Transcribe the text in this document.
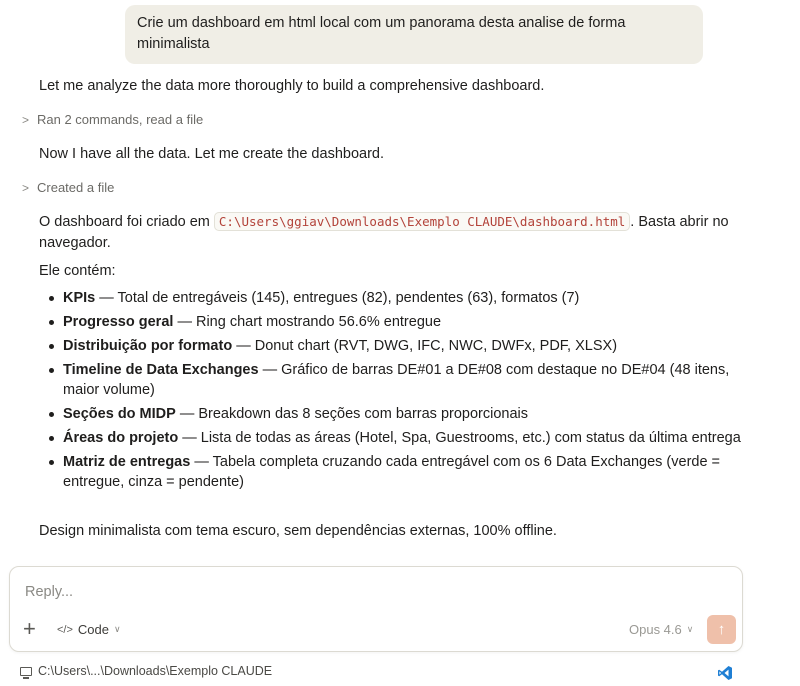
Crie um dashboard em html local com um panorama desta analise de forma minimalista
Let me analyze the data more thoroughly to build a comprehensive dashboard.
> Ran 2 commands, read a file
Now I have all the data. Let me create the dashboard.
> Created a file
O dashboard foi criado em C:\Users\ggiav\Downloads\Exemplo CLAUDE\dashboard.html . Basta abrir no navegador.
Ele contém:
KPIs — Total de entregáveis (145), entregues (82), pendentes (63), formatos (7)
Progresso geral — Ring chart mostrando 56.6% entregue
Distribuição por formato — Donut chart (RVT, DWG, IFC, NWC, DWFx, PDF, XLSX)
Timeline de Data Exchanges — Gráfico de barras DE#01 a DE#08 com destaque no DE#04 (48 itens, maior volume)
Seções do MIDP — Breakdown das 8 seções com barras proporcionais
Áreas do projeto — Lista de todas as áreas (Hotel, Spa, Guestrooms, etc.) com status da última entrega
Matriz de entregas — Tabela completa cruzando cada entregável com os 6 Data Exchanges (verde = entregue, cinza = pendente)
Design minimalista com tema escuro, sem dependências externas, 100% offline.
Reply...
+ </> Code ∨	Opus 4.6 ∨ ↑
C:\Users\...\Downloads\Exemplo CLAUDE
